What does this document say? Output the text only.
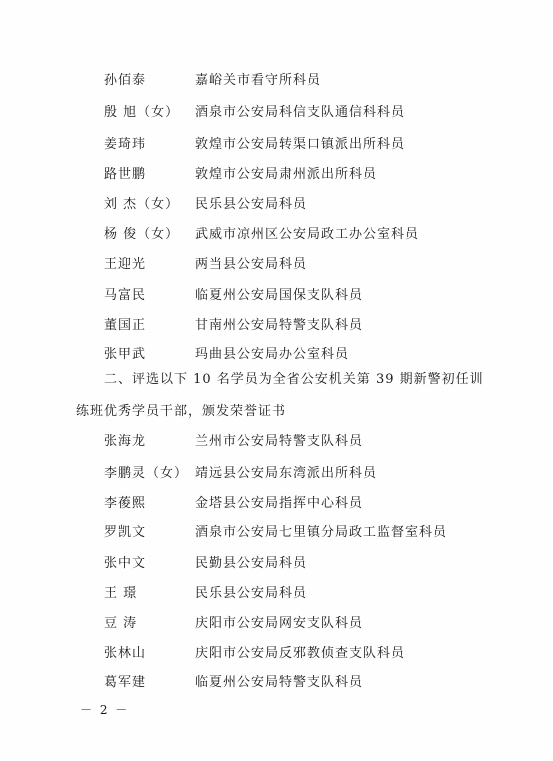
孙佰泰	嘉峪关市看守所科员
殷 旭（女） 酒泉市公安局科信支队通信科科员
姜琦玮	敦煌市公安局转渠口镇派出所科员
路世鹏	敦煌市公安局肃州派出所科员
刘 杰（女） 民乐县公安局科员
杨 俊（女） 武威市凉州区公安局政工办公室科员
王迎光	两当县公安局科员
马富民	临夏州公安局国保支队科员
董国正	甘南州公安局特警支队科员
张甲武	玛曲县公安局办公室科员
二、评选以下 10 名学员为全省公安机关第 39 期新警初任训
练班优秀学员干部，颁发荣誉证书
张海龙	兰州市公安局特警支队科员
李鹏灵（女） 靖远县公安局东湾派出所科员
李葰熙	金塔县公安局指挥中心科员
罗凯文	酒泉市公安局七里镇分局政工监督室科员
张中文	民勤县公安局科员
王 璟	民乐县公安局科员
豆 涛	庆阳市公安局网安支队科员
张林山	庆阳市公安局反邪教侦查支队科员
葛军建	临夏州公安局特警支队科员
－ 2 －
